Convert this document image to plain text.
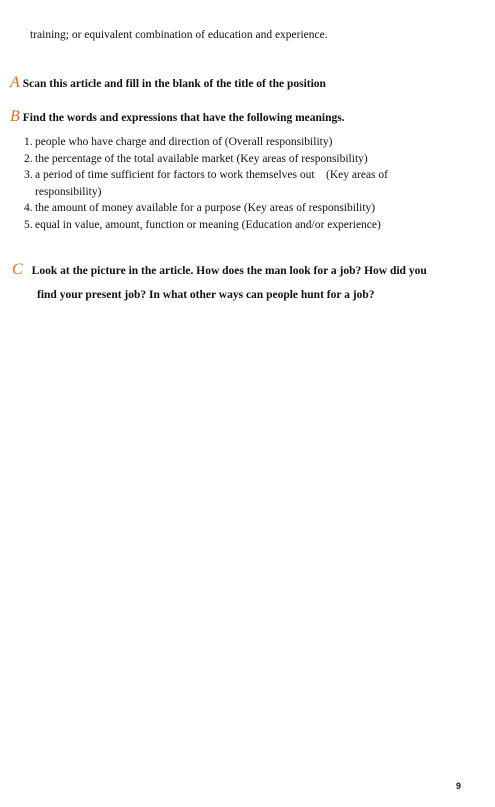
training; or equivalent combination of education and experience.
A Scan this article and fill in the blank of the title of the position
B Find the words and expressions that have the following meanings.
1. people who have charge and direction of (Overall responsibility)
2. the percentage of the total available market (Key areas of responsibility)
3. a period of time sufficient for factors to work themselves out    (Key areas of responsibility)
4. the amount of money available for a purpose (Key areas of responsibility)
5. equal in value, amount, function or meaning (Education and/or experience)
C Look at the picture in the article. How does the man look for a job? How did you
find your present job? In what other ways can people hunt for a job?
9
